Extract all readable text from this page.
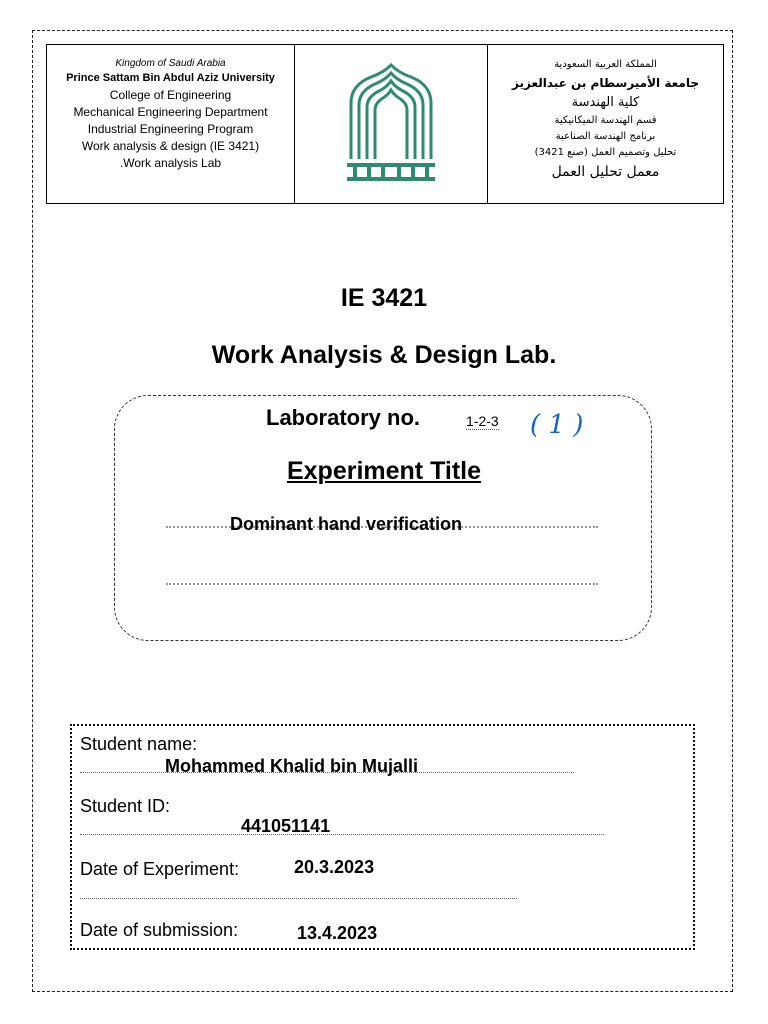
Kingdom of Saudi Arabia
Prince Sattam Bin Abdul Aziz University
College of Engineering
Mechanical Engineering Department
Industrial Engineering Program
Work analysis & design (IE 3421)
.Work analysis Lab
المملكة العربية السعودية
جامعة الأميرسطام بن عبدالعزيز
كلية الهندسة
قسم الهندسة الميكانيكية
برنامج الهندسة الصناعية
تحليل وتصميم العمل (صنع 3421)
معمل تحليل العمل
IE 3421
Work Analysis & Design Lab.
Laboratory no.	1-2-3 ( 1 )
Experiment Title
Dominant hand verification
Student name:
Mohammed Khalid bin Mujalli
Student ID:
441051141
Date of Experiment:	20.3.2023
Date of submission:	13.4.2023
